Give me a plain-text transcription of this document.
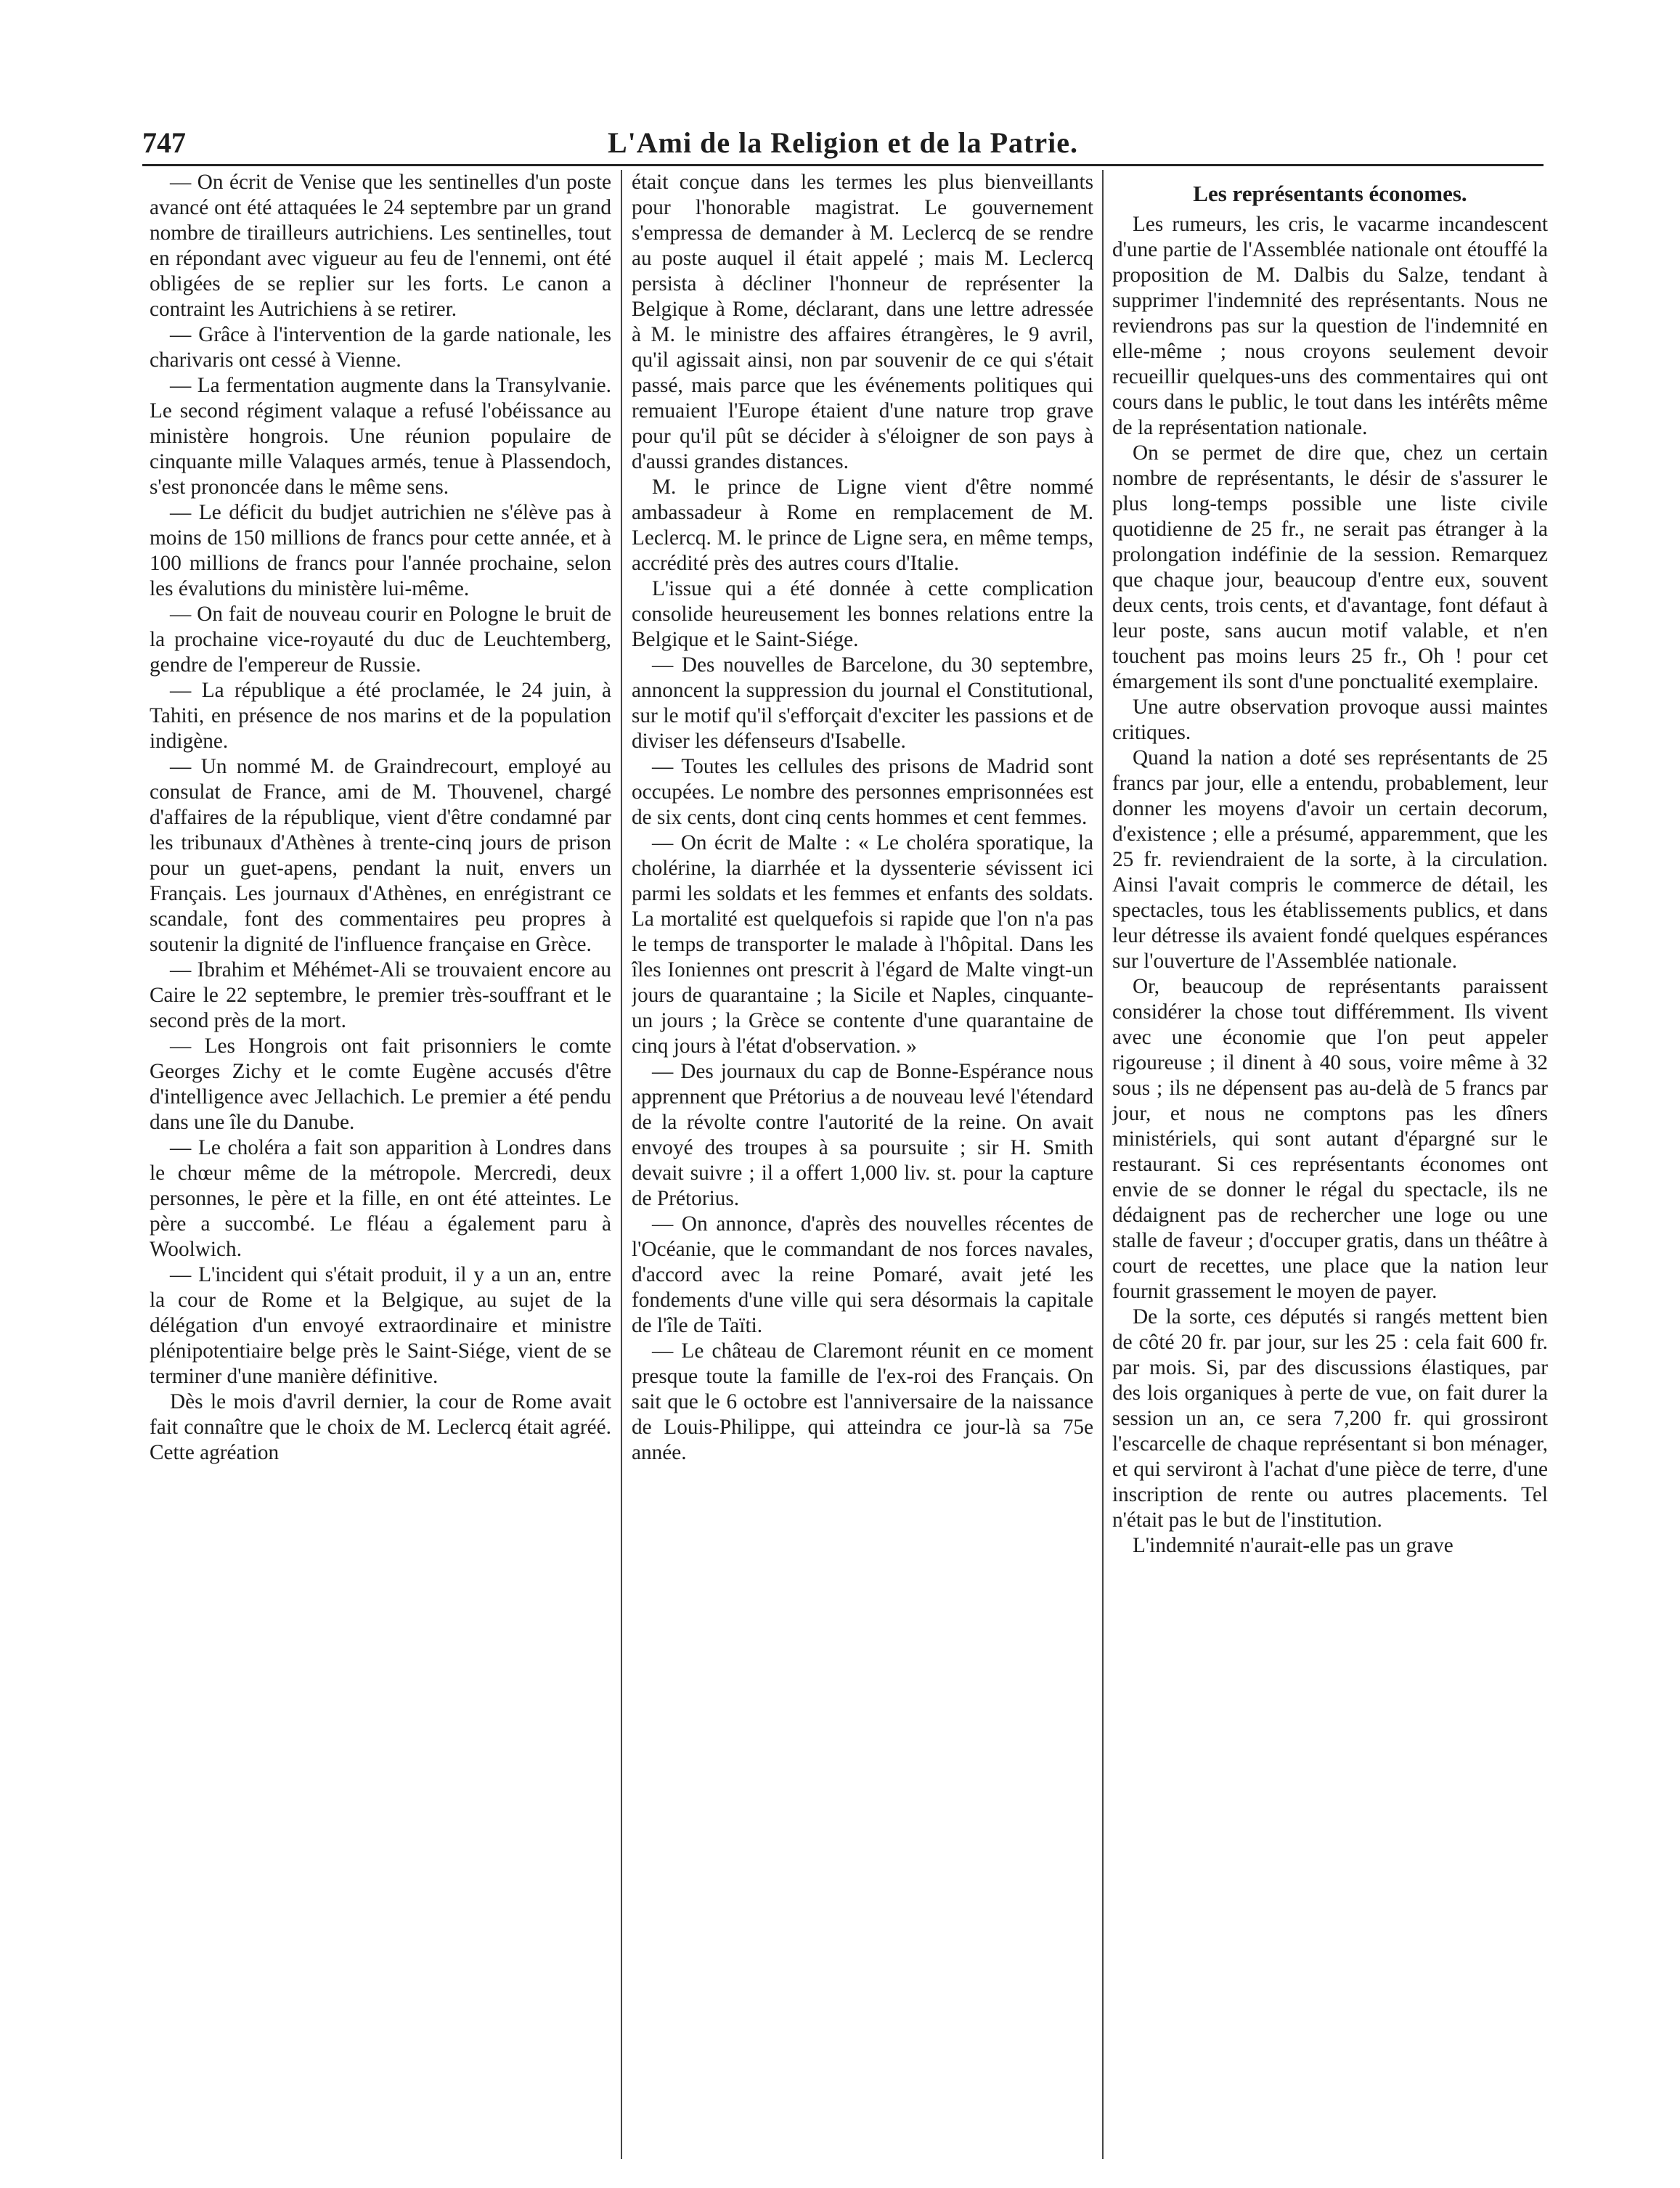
747	L'Ami de la Religion et de la Patrie.

— On écrit de Venise que les sentinelles d'un poste avancé ont été attaquées le 24 septembre par un grand nombre de tirailleurs autrichiens. Les sentinelles, tout en répondant avec vigueur au feu de l'ennemi, ont été obligées de se replier sur les forts. Le canon a contraint les Autrichiens à se retirer.

— Grâce à l'intervention de la garde nationale, les charivaris ont cessé à Vienne.

— La fermentation augmente dans la Transylvanie. Le second régiment valaque a refusé l'obéissance au ministère hongrois. Une réunion populaire de cinquante mille Valaques armés, tenue à Plassendoch, s'est prononcée dans le même sens.

— Le déficit du budjet autrichien ne s'élève pas à moins de 150 millions de francs pour cette année, et à 100 millions de francs pour l'année prochaine, selon les évalutions du ministère lui-même.

— On fait de nouveau courir en Pologne le bruit de la prochaine vice-royauté du duc de Leuchtemberg, gendre de l'empereur de Russie.

— La république a été proclamée, le 24 juin, à Tahiti, en présence de nos marins et de la population indigène.

— Un nommé M. de Graindrecourt, employé au consulat de France, ami de M. Thouvenel, chargé d'affaires de la république, vient d'être condamné par les tribunaux d'Athènes à trente-cinq jours de prison pour un guet-apens, pendant la nuit, envers un Français. Les journaux d'Athènes, en enrégistrant ce scandale, font des commentaires peu propres à soutenir la dignité de l'influence française en Grèce.

— Ibrahim et Méhémet-Ali se trouvaient encore au Caire le 22 septembre, le premier très-souffrant et le second près de la mort.

— Les Hongrois ont fait prisonniers le comte Georges Zichy et le comte Eugène accusés d'être d'intelligence avec Jellachich. Le premier a été pendu dans une île du Danube.

— Le choléra a fait son apparition à Londres dans le chœur même de la métropole. Mercredi, deux personnes, le père et la fille, en ont été atteintes. Le père a succombé. Le fléau a également paru à Woolwich.

— L'incident qui s'était produit, il y a un an, entre la cour de Rome et la Belgique, au sujet de la délégation d'un envoyé extraordinaire et ministre plénipotentiaire belge près le Saint-Siége, vient de se terminer d'une manière définitive.

Dès le mois d'avril dernier, la cour de Rome avait fait connaître que le choix de M. Leclercq était agréé. Cette agréation

était conçue dans les termes les plus bienveillants pour l'honorable magistrat. Le gouvernement s'empressa de demander à M. Leclercq de se rendre au poste auquel il était appelé ; mais M. Leclercq persista à décliner l'honneur de représenter la Belgique à Rome, déclarant, dans une lettre adressée à M. le ministre des affaires étrangères, le 9 avril, qu'il agissait ainsi, non par souvenir de ce qui s'était passé, mais parce que les événements politiques qui remuaient l'Europe étaient d'une nature trop grave pour qu'il pût se décider à s'éloigner de son pays à d'aussi grandes distances.

M. le prince de Ligne vient d'être nommé ambassadeur à Rome en remplacement de M. Leclercq. M. le prince de Ligne sera, en même temps, accrédité près des autres cours d'Italie.

L'issue qui a été donnée à cette complication consolide heureusement les bonnes relations entre la Belgique et le Saint-Siége.

— Des nouvelles de Barcelone, du 30 septembre, annoncent la suppression du journal el Constitutional, sur le motif qu'il s'efforçait d'exciter les passions et de diviser les défenseurs d'Isabelle.

— Toutes les cellules des prisons de Madrid sont occupées. Le nombre des personnes emprisonnées est de six cents, dont cinq cents hommes et cent femmes.

— On écrit de Malte : « Le choléra sporatique, la cholérine, la diarrhée et la dyssenterie sévissent ici parmi les soldats et les femmes et enfants des soldats. La mortalité est quelquefois si rapide que l'on n'a pas le temps de transporter le malade à l'hôpital. Dans les îles Ioniennes ont prescrit à l'égard de Malte vingt-un jours de quarantaine ; la Sicile et Naples, cinquante-un jours ; la Grèce se contente d'une quarantaine de cinq jours à l'état d'observation. »

— Des journaux du cap de Bonne-Espérance nous apprennent que Prétorius a de nouveau levé l'étendard de la révolte contre l'autorité de la reine. On avait envoyé des troupes à sa poursuite ; sir H. Smith devait suivre ; il a offert 1,000 liv. st. pour la capture de Prétorius.

— On annonce, d'après des nouvelles récentes de l'Océanie, que le commandant de nos forces navales, d'accord avec la reine Pomaré, avait jeté les fondements d'une ville qui sera désormais la capitale de l'île de Taïti.

— Le château de Claremont réunit en ce moment presque toute la famille de l'ex-roi des Français. On sait que le 6 octobre est l'anniversaire de la naissance de Louis-Philippe, qui atteindra ce jour-là sa 75e année.

Les représentants économes.

Les rumeurs, les cris, le vacarme incandescent d'une partie de l'Assemblée nationale ont étouffé la proposition de M. Dalbis du Salze, tendant à supprimer l'indemnité des représentants. Nous ne reviendrons pas sur la question de l'indemnité en elle-même ; nous croyons seulement devoir recueillir quelques-uns des commentaires qui ont cours dans le public, le tout dans les intérêts même de la représentation nationale.

On se permet de dire que, chez un certain nombre de représentants, le désir de s'assurer le plus long-temps possible une liste civile quotidienne de 25 fr., ne serait pas étranger à la prolongation indéfinie de la session. Remarquez que chaque jour, beaucoup d'entre eux, souvent deux cents, trois cents, et d'avantage, font défaut à leur poste, sans aucun motif valable, et n'en touchent pas moins leurs 25 fr., Oh ! pour cet émargement ils sont d'une ponctualité exemplaire.

Une autre observation provoque aussi maintes critiques.

Quand la nation a doté ses représentants de 25 francs par jour, elle a entendu, probablement, leur donner les moyens d'avoir un certain decorum, d'existence ; elle a présumé, apparemment, que les 25 fr. reviendraient de la sorte, à la circulation. Ainsi l'avait compris le commerce de détail, les spectacles, tous les établissements publics, et dans leur détresse ils avaient fondé quelques espérances sur l'ouverture de l'Assemblée nationale.

Or, beaucoup de représentants paraissent considérer la chose tout différemment. Ils vivent avec une économie que l'on peut appeler rigoureuse ; il dinent à 40 sous, voire même à 32 sous ; ils ne dépensent pas au-delà de 5 francs par jour, et nous ne comptons pas les dîners ministériels, qui sont autant d'épargné sur le restaurant. Si ces représentants économes ont envie de se donner le régal du spectacle, ils ne dédaignent pas de rechercher une loge ou une stalle de faveur ; d'occuper gratis, dans un théâtre à court de recettes, une place que la nation leur fournit grassement le moyen de payer.

De la sorte, ces députés si rangés mettent bien de côté 20 fr. par jour, sur les 25 : cela fait 600 fr. par mois. Si, par des discussions élastiques, par des lois organiques à perte de vue, on fait durer la session un an, ce sera 7,200 fr. qui grossiront l'escarcelle de chaque représentant si bon ménager, et qui serviront à l'achat d'une pièce de terre, d'une inscription de rente ou autres placements. Tel n'était pas le but de l'institution.

L'indemnité n'aurait-elle pas un grave
